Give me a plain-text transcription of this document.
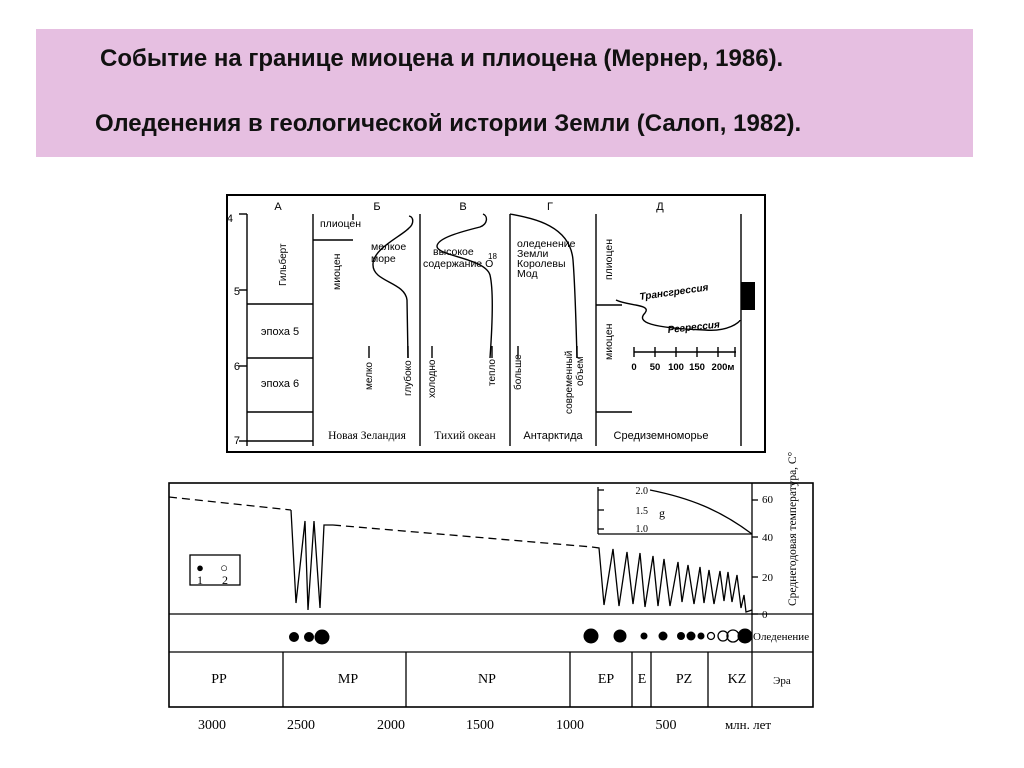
Событие на границе миоцена и плиоцена (Мернер, 1986).
Оледенения в геологической истории Земли (Салоп, 1982).
А	Б	В	Г	Д
4
5
6
7
Гильберт
эпоха 5
эпоха 6
плиоцен
миоцен
мелкое
море
мелко	глубоко
высокое
содержание O
18
холодно	тепло
оледенение
Земли
Королевы
Мод
больше	современный объем
плиоцен
миоцен
Трансгрессия
Регрессия
0 50 100 150 200м
Новая Зеландия Тихий океан	Антарктида	Средиземноморье
● ○
1 2
2.0
1.5
1.0
g
60
40
20
0
Среднегодовая температура, С°
Оледенение
PP	MP	NP	EP E PZ	KZ Эра
3000	2500	2000	1500	1000	500	млн. лет
